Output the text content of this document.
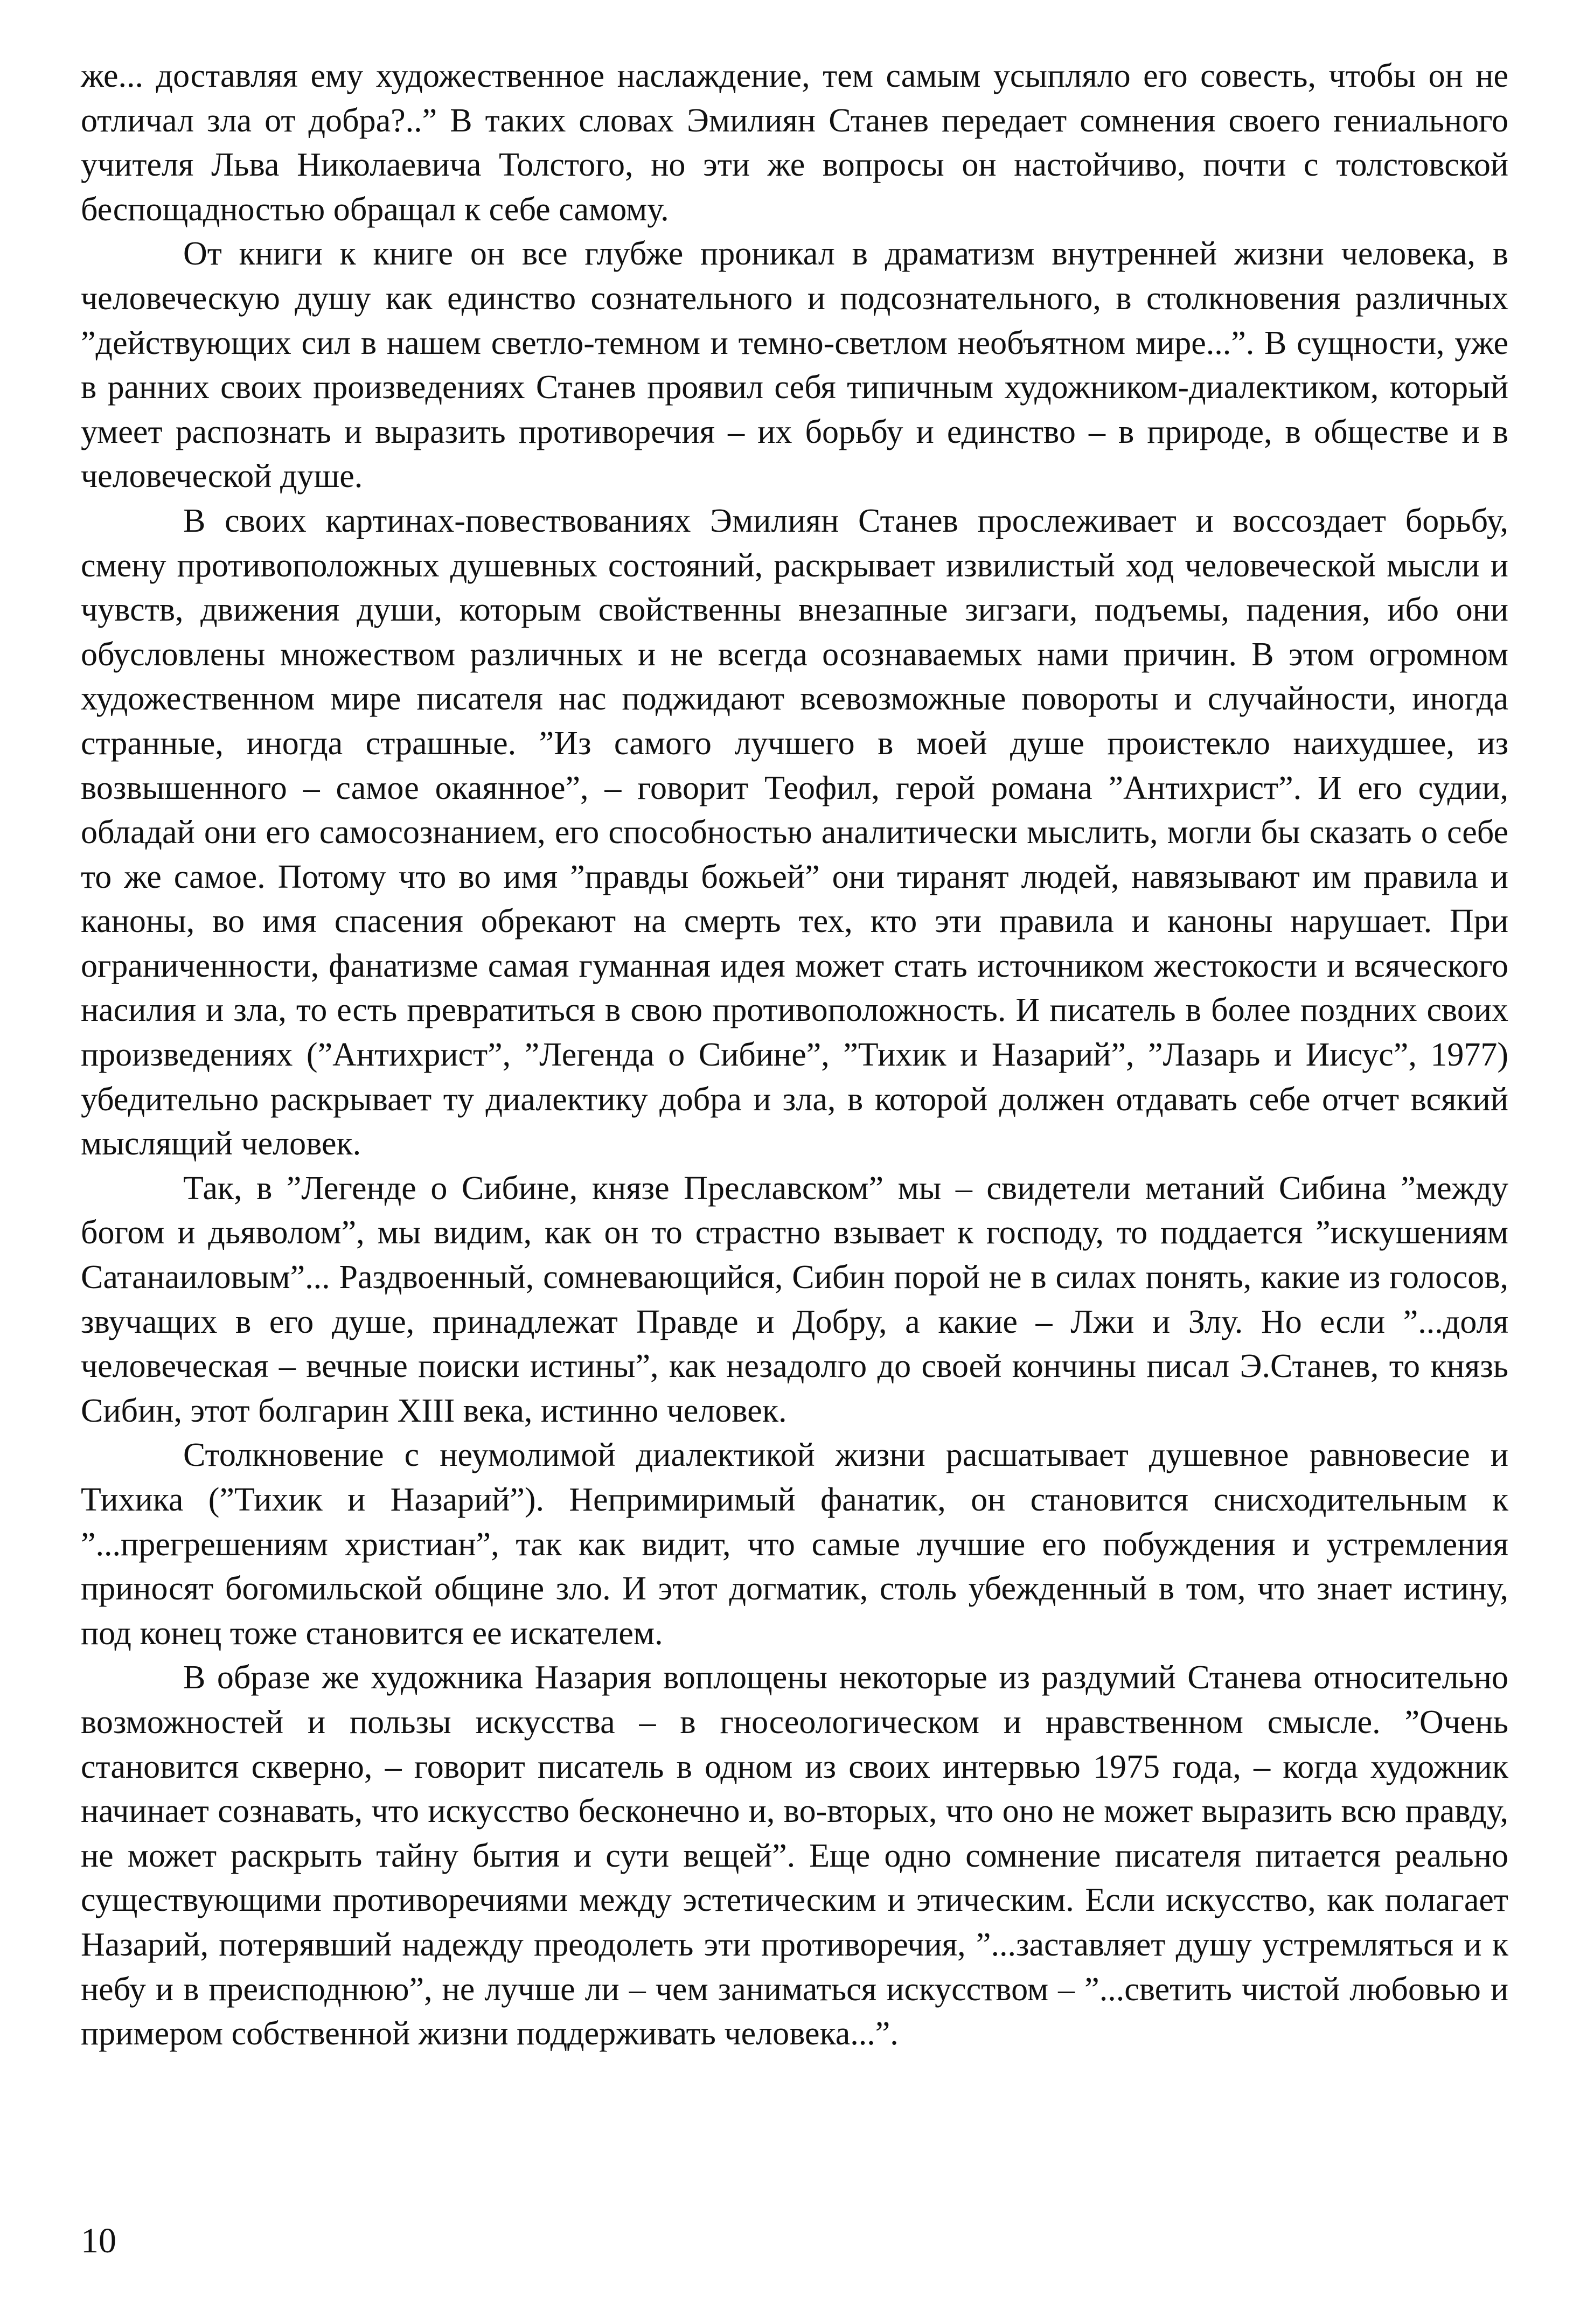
же... доставляя ему художественное наслаждение, тем самым усыпляло его совесть, чтобы он не отличал зла от добра?..” В таких словах Эмилиян Станев передает сомнения своего гениального учителя Льва Николаевича Толстого, но эти же вопросы он настойчиво, почти с толстовской беспощадностью обращал к себе самому.

От книги к книге он все глубже проникал в драматизм внутренней жизни человека, в человеческую душу как единство сознательного и подсознательного, в столкновения различных ”действующих сил в нашем светло-темном и темно-светлом необъятном мире...”. В сущности, уже в ранних своих произведениях Станев проявил себя типичным художником-диалектиком, который умеет распознать и выразить противоречия – их борьбу и единство – в природе, в обществе и в человеческой душе.

В своих картинах-повествованиях Эмилиян Станев прослеживает и воссоздает борьбу, смену противоположных душевных состояний, раскрывает извилистый ход человеческой мысли и чувств, движения души, которым свойственны внезапные зигзаги, подъемы, падения, ибо они обусловлены множеством различных и не всегда осознаваемых нами причин. В этом огромном художественном мире писателя нас поджидают всевозможные повороты и случайности, иногда странные, иногда страшные. ”Из самого лучшего в моей душе проистекло наихудшее, из возвышенного – самое окаянное”, – говорит Теофил, герой романа ”Антихрист”. И его судии, обладай они его самосознанием, его способностью аналитически мыслить, могли бы сказать о себе то же самое. Потому что во имя ”правды божьей” они тиранят людей, навязывают им правила и каноны, во имя спасения обрекают на смерть тех, кто эти правила и каноны нарушает. При ограниченности, фанатизме самая гуманная идея может стать источником жестокости и всяческого насилия и зла, то есть превратиться в свою противоположность. И писатель в более поздних своих произведениях (”Антихрист”, ”Легенда о Сибине”, ”Тихик и Назарий”, ”Лазарь и Иисус”, 1977) убедительно раскрывает ту диалектику добра и зла, в которой должен отдавать себе отчет всякий мыслящий человек.

Так, в ”Легенде о Сибине, князе Преславском” мы – свидетели метаний Сибина ”между богом и дьяволом”, мы видим, как он то страстно взывает к господу, то поддается ”искушениям Сатанаиловым”... Раздвоенный, сомневающийся, Сибин порой не в силах понять, какие из голосов, звучащих в его душе, принадлежат Правде и Добру, а какие – Лжи и Злу. Но если ”...доля человеческая – вечные поиски истины”, как незадолго до своей кончины писал Э.Станев, то князь Сибин, этот болгарин XIII века, истинно человек.

Столкновение с неумолимой диалектикой жизни расшатывает душевное равновесие и Тихика (”Тихик и Назарий”). Непримиримый фанатик, он становится снисходительным к ”...прегрешениям христиан”, так как видит, что самые лучшие его побуждения и устремления приносят богомильской общине зло. И этот догматик, столь убежденный в том, что знает истину, под конец тоже становится ее искателем.

В образе же художника Назария воплощены некоторые из раздумий Станева относительно возможностей и пользы искусства – в гносеологическом и нравственном смысле. ”Очень становится скверно, – говорит писатель в одном из своих интервью 1975 года, – когда художник начинает сознавать, что искусство бесконечно и, во-вторых, что оно не может выразить всю правду, не может раскрыть тайну бытия и сути вещей”. Еще одно сомнение писателя питается реально существующими противоречиями между эстетическим и этическим. Если искусство, как полагает Назарий, потерявший надежду преодолеть эти противоречия, ”...заставляет душу устремляться и к небу и в преисподнюю”, не лучше ли – чем заниматься искусством – ”...светить чистой любовью и примером собственной жизни поддерживать человека...”.

10
